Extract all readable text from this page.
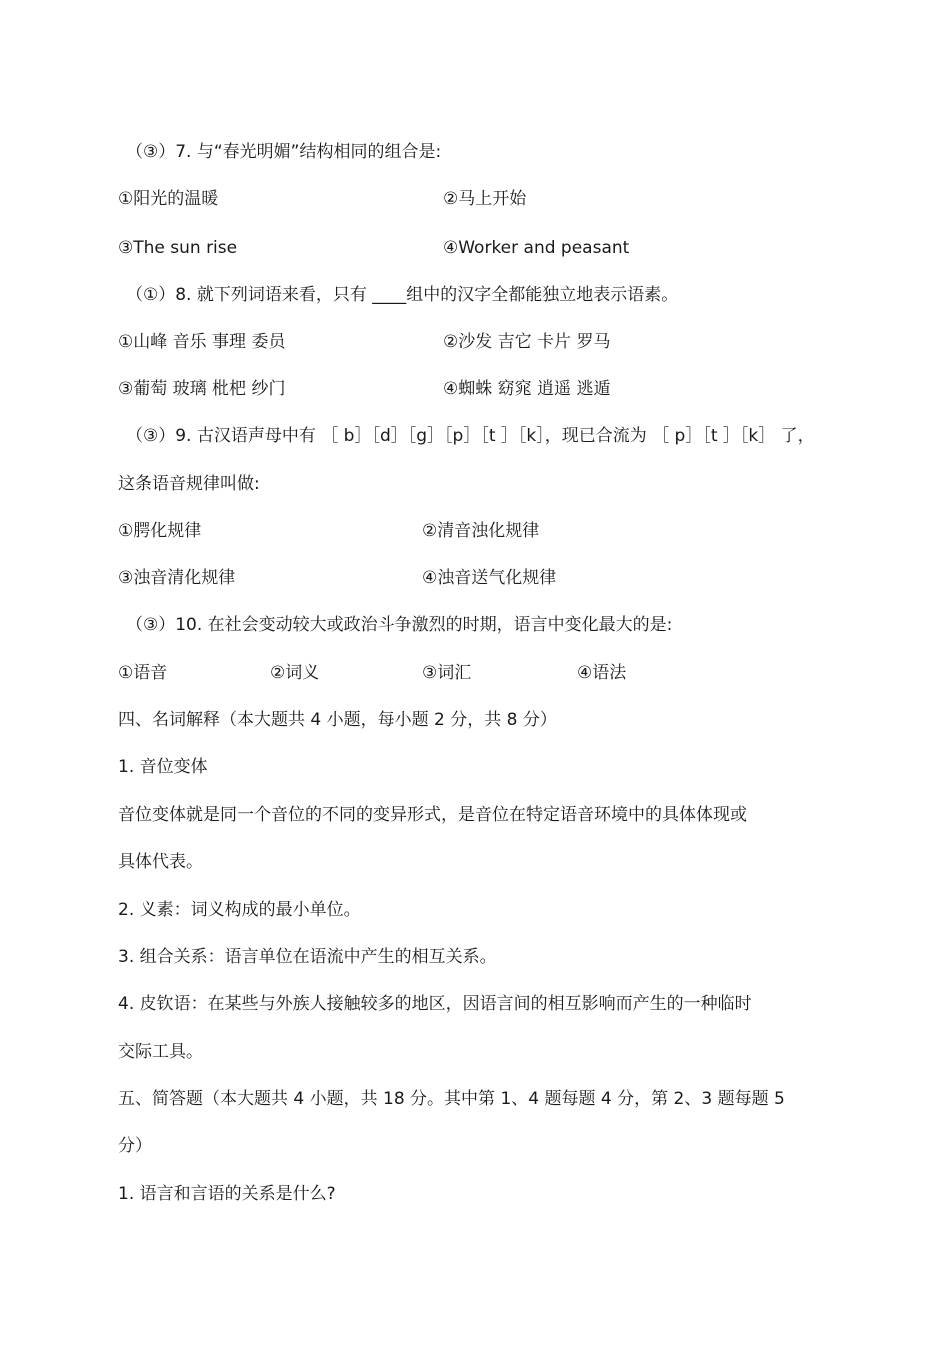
（③）7. 与“春光明媚”结构相同的组合是:
①阳光的温暖	②马上开始
③The sun rise	④Worker and peasant
（①）8. 就下列词语来看，只有 ____组中的汉字全都能独立地表示语素。
①山峰 音乐 事理 委员	②沙发 吉它 卡片 罗马
③葡萄 玻璃 枇杷 纱门	④蜘蛛 窈窕 逍遥 逃遁
（③）9. 古汉语声母中有 ［ b］［d］［g］［p］［t ］［k］，现已合流为 ［ p］［t ］［k］ 了，
这条语音规律叫做:
①腭化规律	②清音浊化规律
③浊音清化规律	④浊音送气化规律
（③）10. 在社会变动较大或政治斗争激烈的时期，语言中变化最大的是:
①语音	②词义	③词汇	④语法
四、名词解释（本大题共 4 小题，每小题 2 分，共 8 分）
1. 音位变体
音位变体就是同一个音位的不同的变异形式，是音位在特定语音环境中的具体体现或
具体代表。
2. 义素：词义构成的最小单位。
3. 组合关系：语言单位在语流中产生的相互关系。
4. 皮钦语：在某些与外族人接触较多的地区，因语言间的相互影响而产生的一种临时
交际工具。
五、简答题（本大题共 4 小题，共 18 分。其中第 1、4 题每题 4 分，第 2、3 题每题 5
分）
1. 语言和言语的关系是什么?
